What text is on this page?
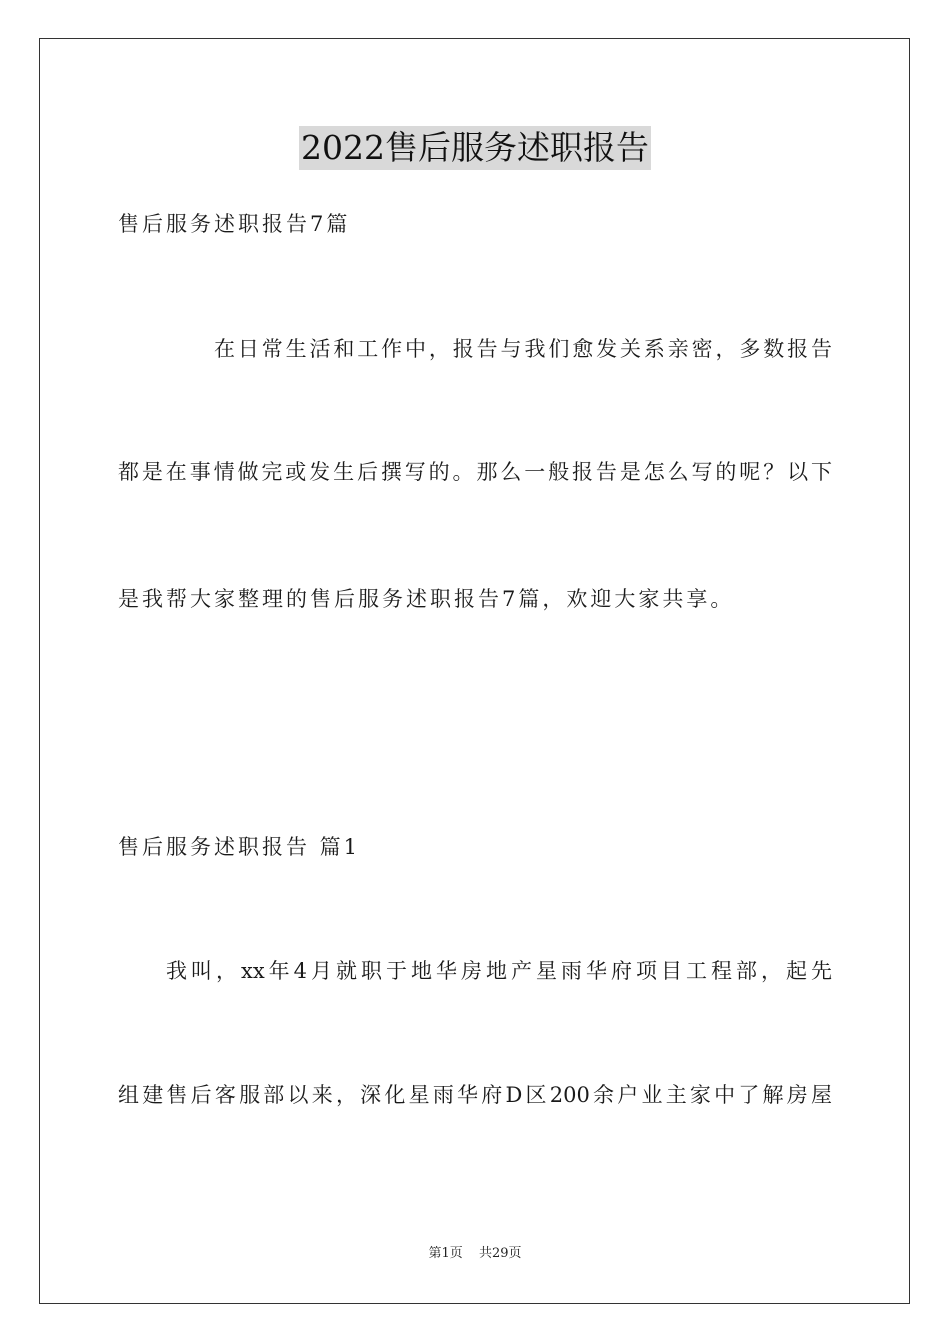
2022售后服务述职报告
售后服务述职报告7篇
在日常生活和工作中，报告与我们愈发关系亲密，多数报告
都是在事情做完或发生后撰写的。那么一般报告是怎么写的呢？以下
是我帮大家整理的售后服务述职报告7篇，欢迎大家共享。
售后服务述职报告 篇1
我叫，xx年4月就职于地华房地产星雨华府项目工程部，起先
组建售后客服部以来，深化星雨华府D区200余户业主家中了解房屋
第1页 共29页
